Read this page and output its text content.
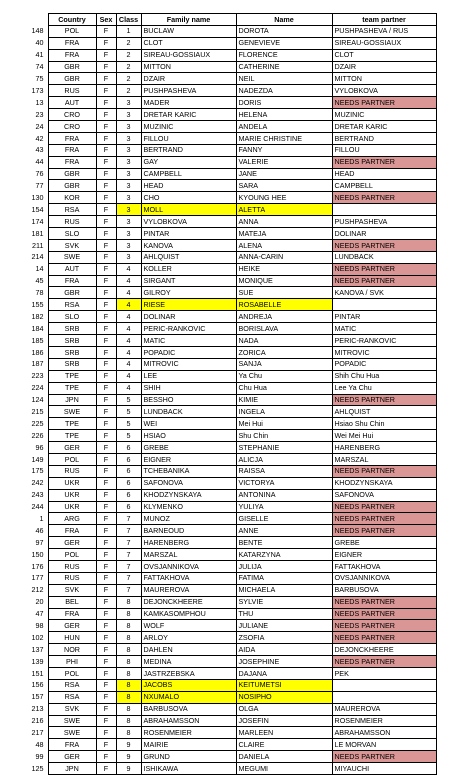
	Country	Sex	Class	Family name	Name	team partner
148	POL	F	1	BUCLAW	DOROTA	PUSHPASHEVA / RUS
40	FRA	F	2	CLOT	GENEVIEVE	SIREAU-GOSSIAUX
41	FRA	F	2	SIREAU-GOSSIAUX	FLORENCE	CLOT
74	GBR	F	2	MITTON	CATHERINE	DZAIR
75	GBR	F	2	DZAIR	NEIL	MITTON
173	RUS	F	2	PUSHPASHEVA	NADEZDA	VYLOBKOVA
13	AUT	F	3	MADER	DORIS	NEEDS PARTNER
23	CRO	F	3	DRETAR KARIC	HELENA	MUZINIC
24	CRO	F	3	MUZINIC	ANDELA	DRETAR KARIC
42	FRA	F	3	FILLOU	MARIE CHRISTINE	BERTRAND
43	FRA	F	3	BERTRAND	FANNY	FILLOU
44	FRA	F	3	GAY	VALERIE	NEEDS PARTNER
76	GBR	F	3	CAMPBELL	JANE	HEAD
77	GBR	F	3	HEAD	SARA	CAMPBELL
130	KOR	F	3	CHO	KYOUNG HEE	NEEDS PARTNER
154	RSA	F	3	MOLL	ALETTA	
174	RUS	F	3	VYLOBKOVA	ANNA	PUSHPASHEVA
181	SLO	F	3	PINTAR	MATEJA	DOLINAR
211	SVK	F	3	KANOVA	ALENA	NEEDS PARTNER
214	SWE	F	3	AHLQUIST	ANNA-CARIN	LUNDBACK
14	AUT	F	4	KOLLER	HEIKE	NEEDS PARTNER
45	FRA	F	4	SIRGANT	MONIQUE	NEEDS PARTNER
78	GBR	F	4	GILROY	SUE	KANOVA / SVK
155	RSA	F	4	RIESE	ROSABELLE	
182	SLO	F	4	DOLINAR	ANDREJA	PINTAR
184	SRB	F	4	PERIC-RANKOVIC	BORISLAVA	MATIC
185	SRB	F	4	MATIC	NADA	PERIC-RANKOVIC
186	SRB	F	4	POPADIC	ZORICA	MITROVIC
187	SRB	F	4	MITROVIC	SANJA	POPADIC
223	TPE	F	4	LEE	Ya Chu	Shih Chu Hua
224	TPE	F	4	SHIH	Chu Hua	Lee Ya Chu
124	JPN	F	5	BESSHO	KIMIE	NEEDS PARTNER
215	SWE	F	5	LUNDBACK	INGELA	AHLQUIST
225	TPE	F	5	WEI	Mei Hui	Hsiao Shu Chin
226	TPE	F	5	HSIAO	Shu Chin	Wei Mei Hui
96	GER	F	6	GREBE	STEPHANIE	HARENBERG
149	POL	F	6	EIGNER	ALICJA	MARSZAL
175	RUS	F	6	TCHEBANIKA	RAISSA	NEEDS PARTNER
242	UKR	F	6	SAFONOVA	VICTORYA	KHODZYNSKAYA
243	UKR	F	6	KHODZYNSKAYA	ANTONINA	SAFONOVA
244	UKR	F	6	KLYMENKO	YULIYA	NEEDS PARTNER
1	ARG	F	7	MUNOZ	GISELLE	NEEDS PARTNER
46	FRA	F	7	BARNEOUD	ANNE	NEEDS PARTNER
97	GER	F	7	HARENBERG	BENTE	GREBE
150	POL	F	7	MARSZAL	KATARZYNA	EIGNER
176	RUS	F	7	OVSJANNIKOVA	JULIJA	FATTAKHOVA
177	RUS	F	7	FATTAKHOVA	FATIMA	OVSJANNIKOVA
212	SVK	F	7	MAUREROVA	MICHAELA	BARBUSOVA
20	BEL	F	8	DEJONCKHEERE	SYLVIE	NEEDS PARTNER
47	FRA	F	8	KAMKASOMPHOU	THU	NEEDS PARTNER
98	GER	F	8	WOLF	JULIANE	NEEDS PARTNER
102	HUN	F	8	ARLOY	ZSOFIA	NEEDS PARTNER
137	NOR	F	8	DAHLEN	AIDA	DEJONCKHEERE
139	PHI	F	8	MEDINA	JOSEPHINE	NEEDS PARTNER
151	POL	F	8	JASTRZEBSKA	DAJANA	PEK
156	RSA	F	8	JACOBS	KEITUMETSI	
157	RSA	F	8	NXUMALO	NOSIPHO	
213	SVK	F	8	BARBUSOVA	OLGA	MAUREROVA
216	SWE	F	8	ABRAHAMSSON	JOSEFIN	ROSENMEIER
217	SWE	F	8	ROSENMEIER	MARLEEN	ABRAHAMSSON
48	FRA	F	9	MAIRIE	CLAIRE	LE MORVAN
99	GER	F	9	GRUND	DANIELA	NEEDS PARTNER
125	JPN	F	9	ISHIKAWA	MEGUMI	MIYAUCHI
